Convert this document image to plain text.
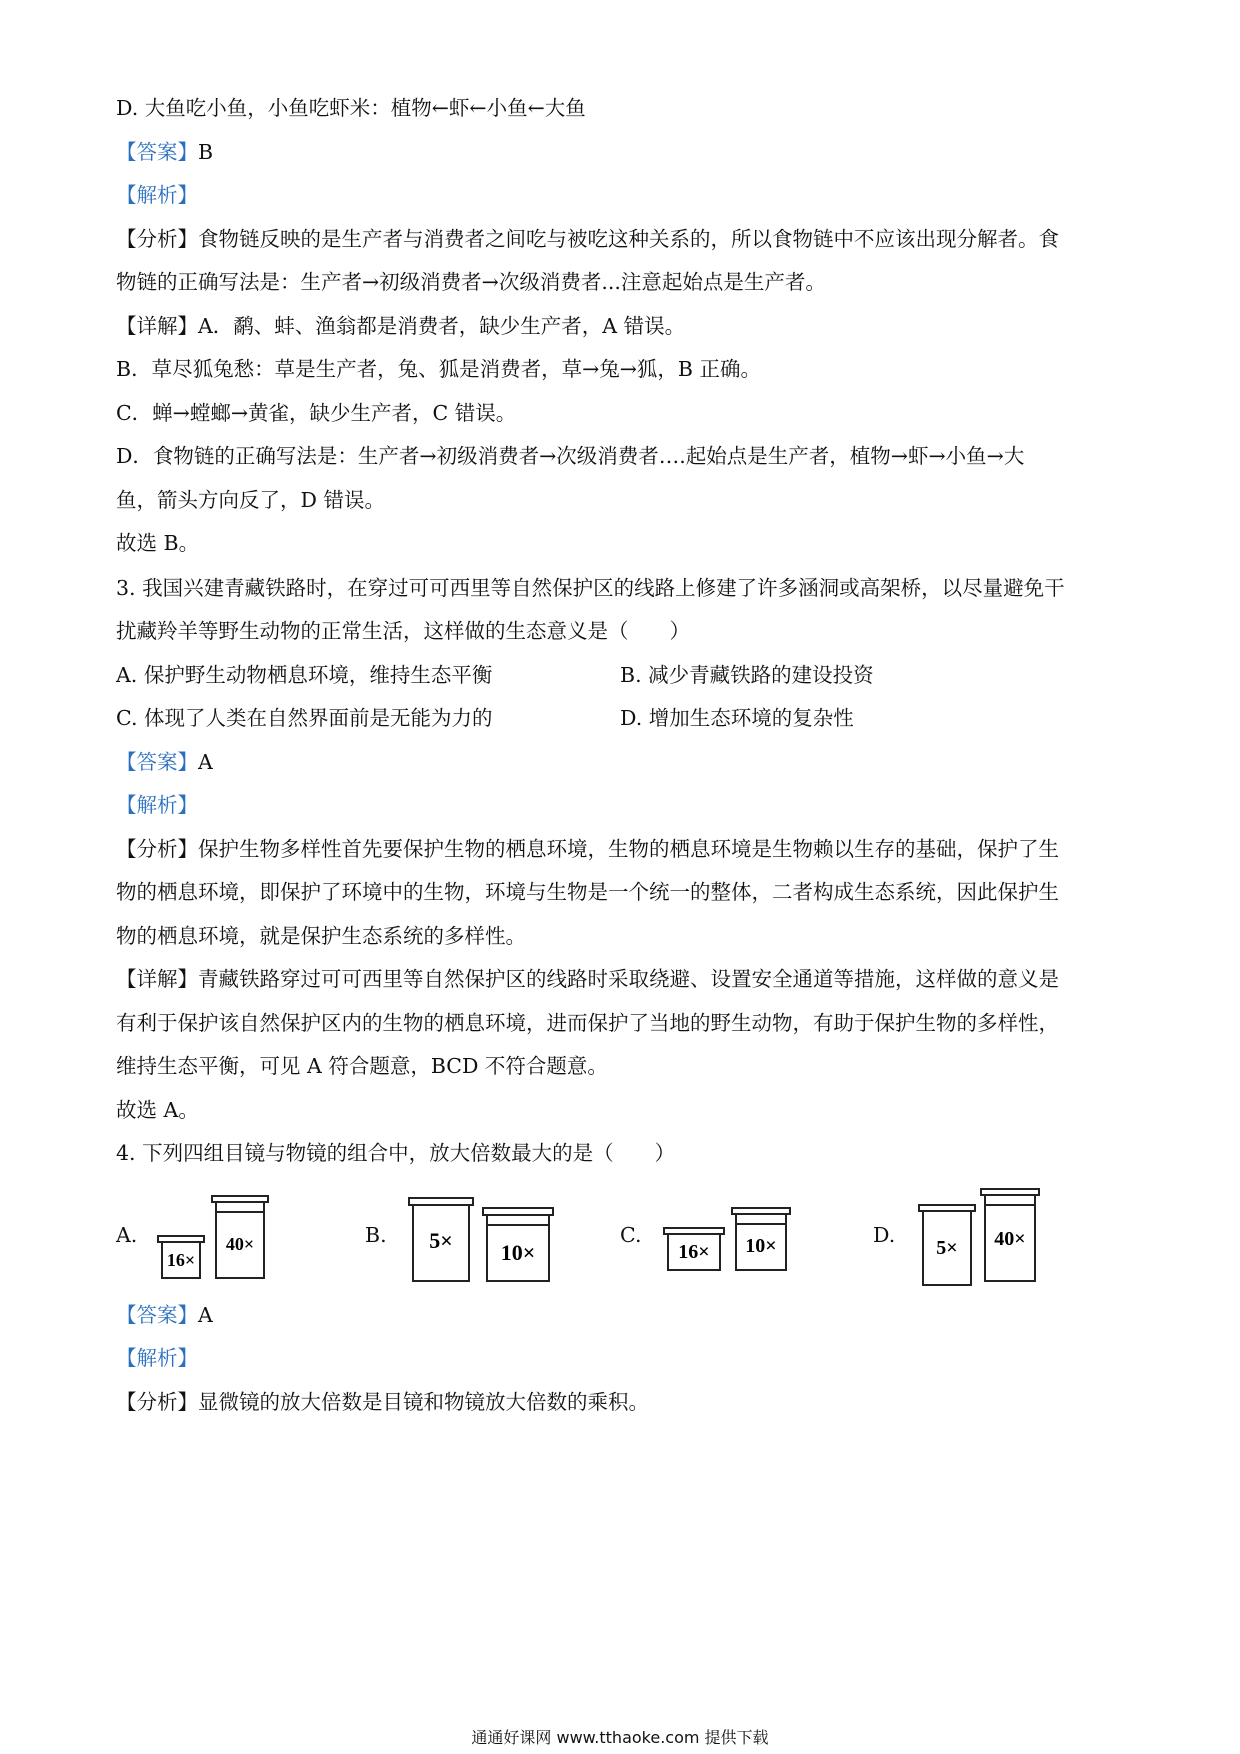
D. 大鱼吃小鱼，小鱼吃虾米：植物←虾←小鱼←大鱼
【答案】B
【解析】
【分析】食物链反映的是生产者与消费者之间吃与被吃这种关系的，所以食物链中不应该出现分解者。食
物链的正确写法是：生产者→初级消费者→次级消费者...注意起始点是生产者。
【详解】A．鹬、蚌、渔翁都是消费者，缺少生产者，A 错误。
B．草尽狐兔愁：草是生产者，兔、狐是消费者，草→兔→狐，B 正确。
C．蝉→螳螂→黄雀，缺少生产者，C 错误。
D．食物链的正确写法是：生产者→初级消费者→次级消费者….起始点是生产者，植物→虾→小鱼→大
鱼，箭头方向反了，D 错误。
故选 B。
3. 我国兴建青藏铁路时，在穿过可可西里等自然保护区的线路上修建了许多涵洞或高架桥，以尽量避免干
扰藏羚羊等野生动物的正常生活，这样做的生态意义是（　　）
A. 保护野生动物栖息环境，维持生态平衡	B. 减少青藏铁路的建设投资
C. 体现了人类在自然界面前是无能为力的	D. 增加生态环境的复杂性
【答案】A
【解析】
【分析】保护生物多样性首先要保护生物的栖息环境，生物的栖息环境是生物赖以生存的基础，保护了生
物的栖息环境，即保护了环境中的生物，环境与生物是一个统一的整体，二者构成生态系统，因此保护生
物的栖息环境，就是保护生态系统的多样性。
【详解】青藏铁路穿过可可西里等自然保护区的线路时采取绕避、设置安全通道等措施，这样做的意义是
有利于保护该自然保护区内的生物的栖息环境，进而保护了当地的野生动物，有助于保护生物的多样性，
维持生态平衡，可见 A 符合题意，BCD 不符合题意。
故选 A。
4. 下列四组目镜与物镜的组合中，放大倍数最大的是（　　）
A.
16×
40×	B. 5× 10×
C.
16× 10×	D.
5× 40×
【答案】A
【解析】
【分析】显微镜的放大倍数是目镜和物镜放大倍数的乘积。
通通好课网 www.tthaoke.com 提供下载
